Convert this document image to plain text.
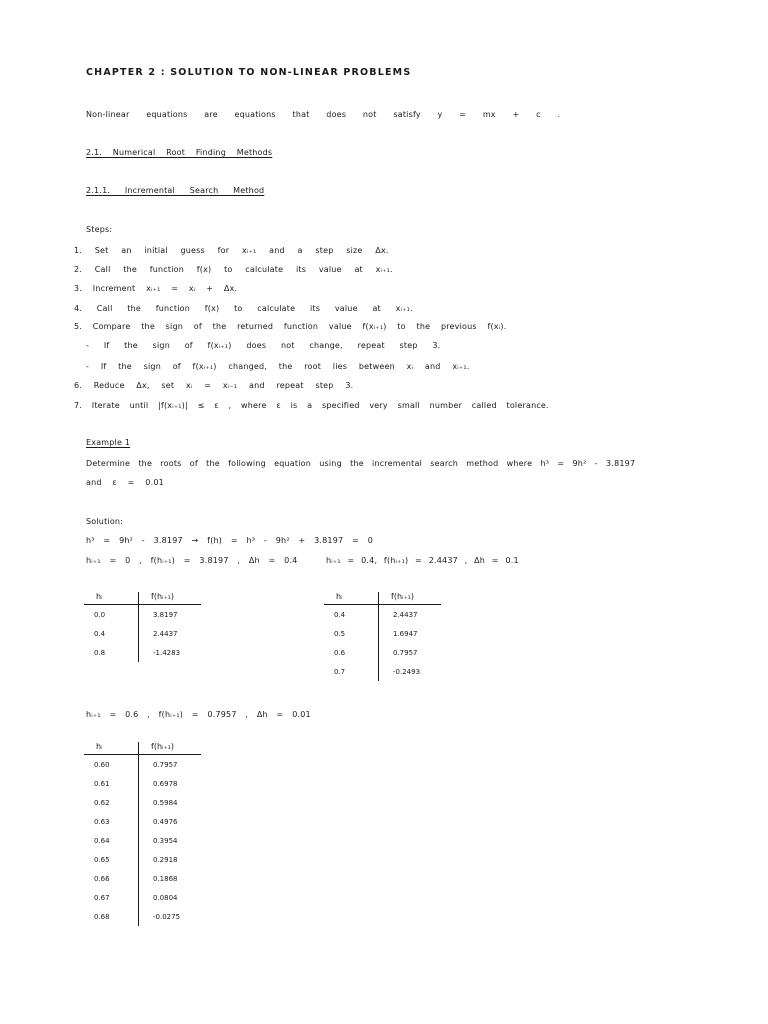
CHAPTER 2 : SOLUTION TO NON-LINEAR PROBLEMS
Non-linear equations are equations that does not satisfy y = mx + c .
2.1. Numerical Root Finding Methods
2.1.1. Incremental Search Method
Steps:
1. Set an initial guess for xᵢ₊₁ and a step size Δx.
2. Call the function f(x) to calculate its value at xᵢ₊₁.
3. Increment xᵢ₊₁ = xᵢ + Δx.
4. Call the function f(x) to calculate its value at xᵢ₊₁.
5. Compare the sign of the returned function value f(xᵢ₊₁) to the previous f(xᵢ).
- If the sign of f(xᵢ₊₁) does not change, repeat step 3.
- If the sign of f(xᵢ₊₁) changed, the root lies between xᵢ and xᵢ₊₁.
6. Reduce Δx, set xᵢ = xᵢ₋₁ and repeat step 3.
7. Iterate until |f(xᵢ₊₁)| ≤ ε , where ε is a specified very small number called tolerance.
Example 1
Determine the roots of the following equation using the incremental search method where h³ = 9h² - 3.8197
and ε = 0.01
Solution:
h³ = 9h² - 3.8197 → f(h) = h³ - 9h² + 3.8197 = 0
hᵢ₊₁ = 0 , f(hᵢ₊₁) = 3.8197 , Δh = 0.4	hᵢ₊₁ = 0.4, f(hᵢ₊₁) = 2.4437 , Δh = 0.1
hᵢ	f(hᵢ₊₁)
0.0	3.8197
0.4	2.4437
0.8	-1.4283
hᵢ	f(hᵢ₊₁)
0.4	2.4437
0.5	1.6947
0.6	0.7957
0.7	-0.2493
hᵢ₊₁ = 0.6 , f(hᵢ₊₁) = 0.7957 , Δh = 0.01
hᵢ	f(hᵢ₊₁)
0.60	0.7957
0.61	0.6978
0.62	0.5984
0.63	0.4976
0.64	0.3954
0.65	0.2918
0.66	0.1868
0.67	0.0804
0.68	-0.0275
